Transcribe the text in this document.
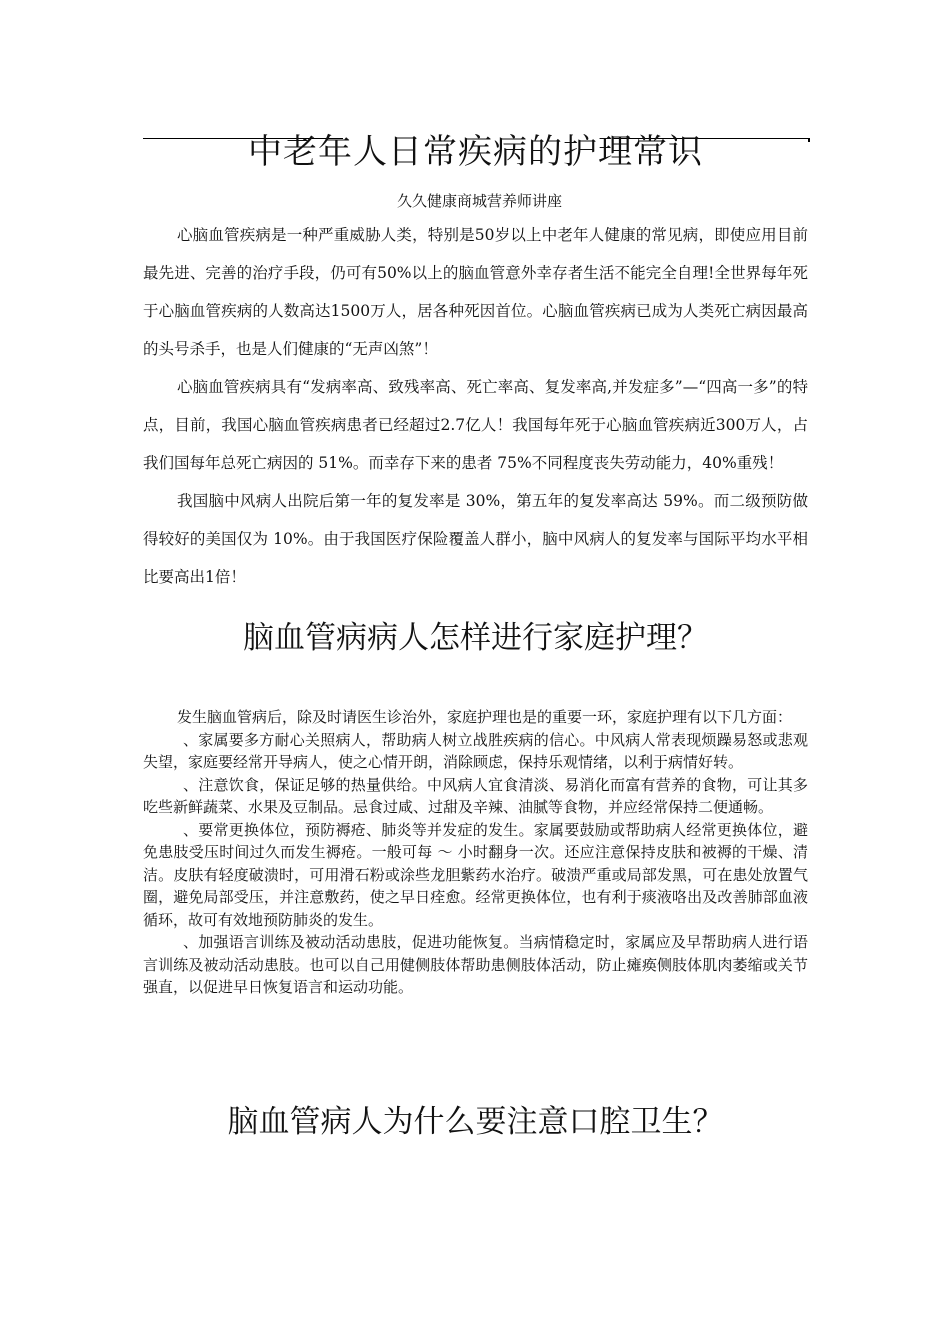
中老年人日常疾病的护理常识
久久健康商城营养师讲座

心脑血管疾病是一种严重威胁人类，特别是50岁以上中老年人健康的常见病，即使应用目前最先进、完善的治疗手段，仍可有50%以上的脑血管意外幸存者生活不能完全自理!全世界每年死于心脑血管疾病的人数高达1500万人，居各种死因首位。心脑血管疾病已成为人类死亡病因最高的头号杀手，也是人们健康的“无声凶煞”！

心脑血管疾病具有“发病率高、致残率高、死亡率高、复发率高,并发症多”—“四高一多”的特点，目前，我国心脑血管疾病患者已经超过2.7亿人！我国每年死于心脑血管疾病近300万人，占我们国每年总死亡病因的 51%。而幸存下来的患者 75%不同程度丧失劳动能力，40%重残！

我国脑中风病人出院后第一年的复发率是 30%，第五年的复发率高达 59%。而二级预防做得较好的美国仅为 10%。由于我国医疗保险覆盖人群小，脑中风病人的复发率与国际平均水平相比要高出1倍！

脑血管病病人怎样进行家庭护理？

发生脑血管病后，除及时请医生诊治外，家庭护理也是的重要一环，家庭护理有以下几方面：

、家属要多方耐心关照病人，帮助病人树立战胜疾病的信心。中风病人常表现烦躁易怒或悲观失望，家庭要经常开导病人，使之心情开朗，消除顾虑，保持乐观情绪，以利于病情好转。

、注意饮食，保证足够的热量供给。中风病人宜食清淡、易消化而富有营养的食物，可让其多吃些新鲜蔬菜、水果及豆制品。忌食过咸、过甜及辛辣、油腻等食物，并应经常保持二便通畅。

、要常更换体位，预防褥疮、肺炎等并发症的发生。家属要鼓励或帮助病人经常更换体位，避免患肢受压时间过久而发生褥疮。一般可每 ～ 小时翻身一次。还应注意保持皮肤和被褥的干燥、清洁。皮肤有轻度破溃时，可用滑石粉或涂些龙胆紫药水治疗。破溃严重或局部发黑，可在患处放置气圈，避免局部受压，并注意敷药，使之早日痊愈。经常更换体位，也有利于痰液咯出及改善肺部血液循环，故可有效地预防肺炎的发生。

、加强语言训练及被动活动患肢，促进功能恢复。当病情稳定时，家属应及早帮助病人进行语言训练及被动活动患肢。也可以自己用健侧肢体帮助患侧肢体活动，防止瘫痪侧肢体肌肉萎缩或关节强直，以促进早日恢复语言和运动功能。

脑血管病人为什么要注意口腔卫生？
